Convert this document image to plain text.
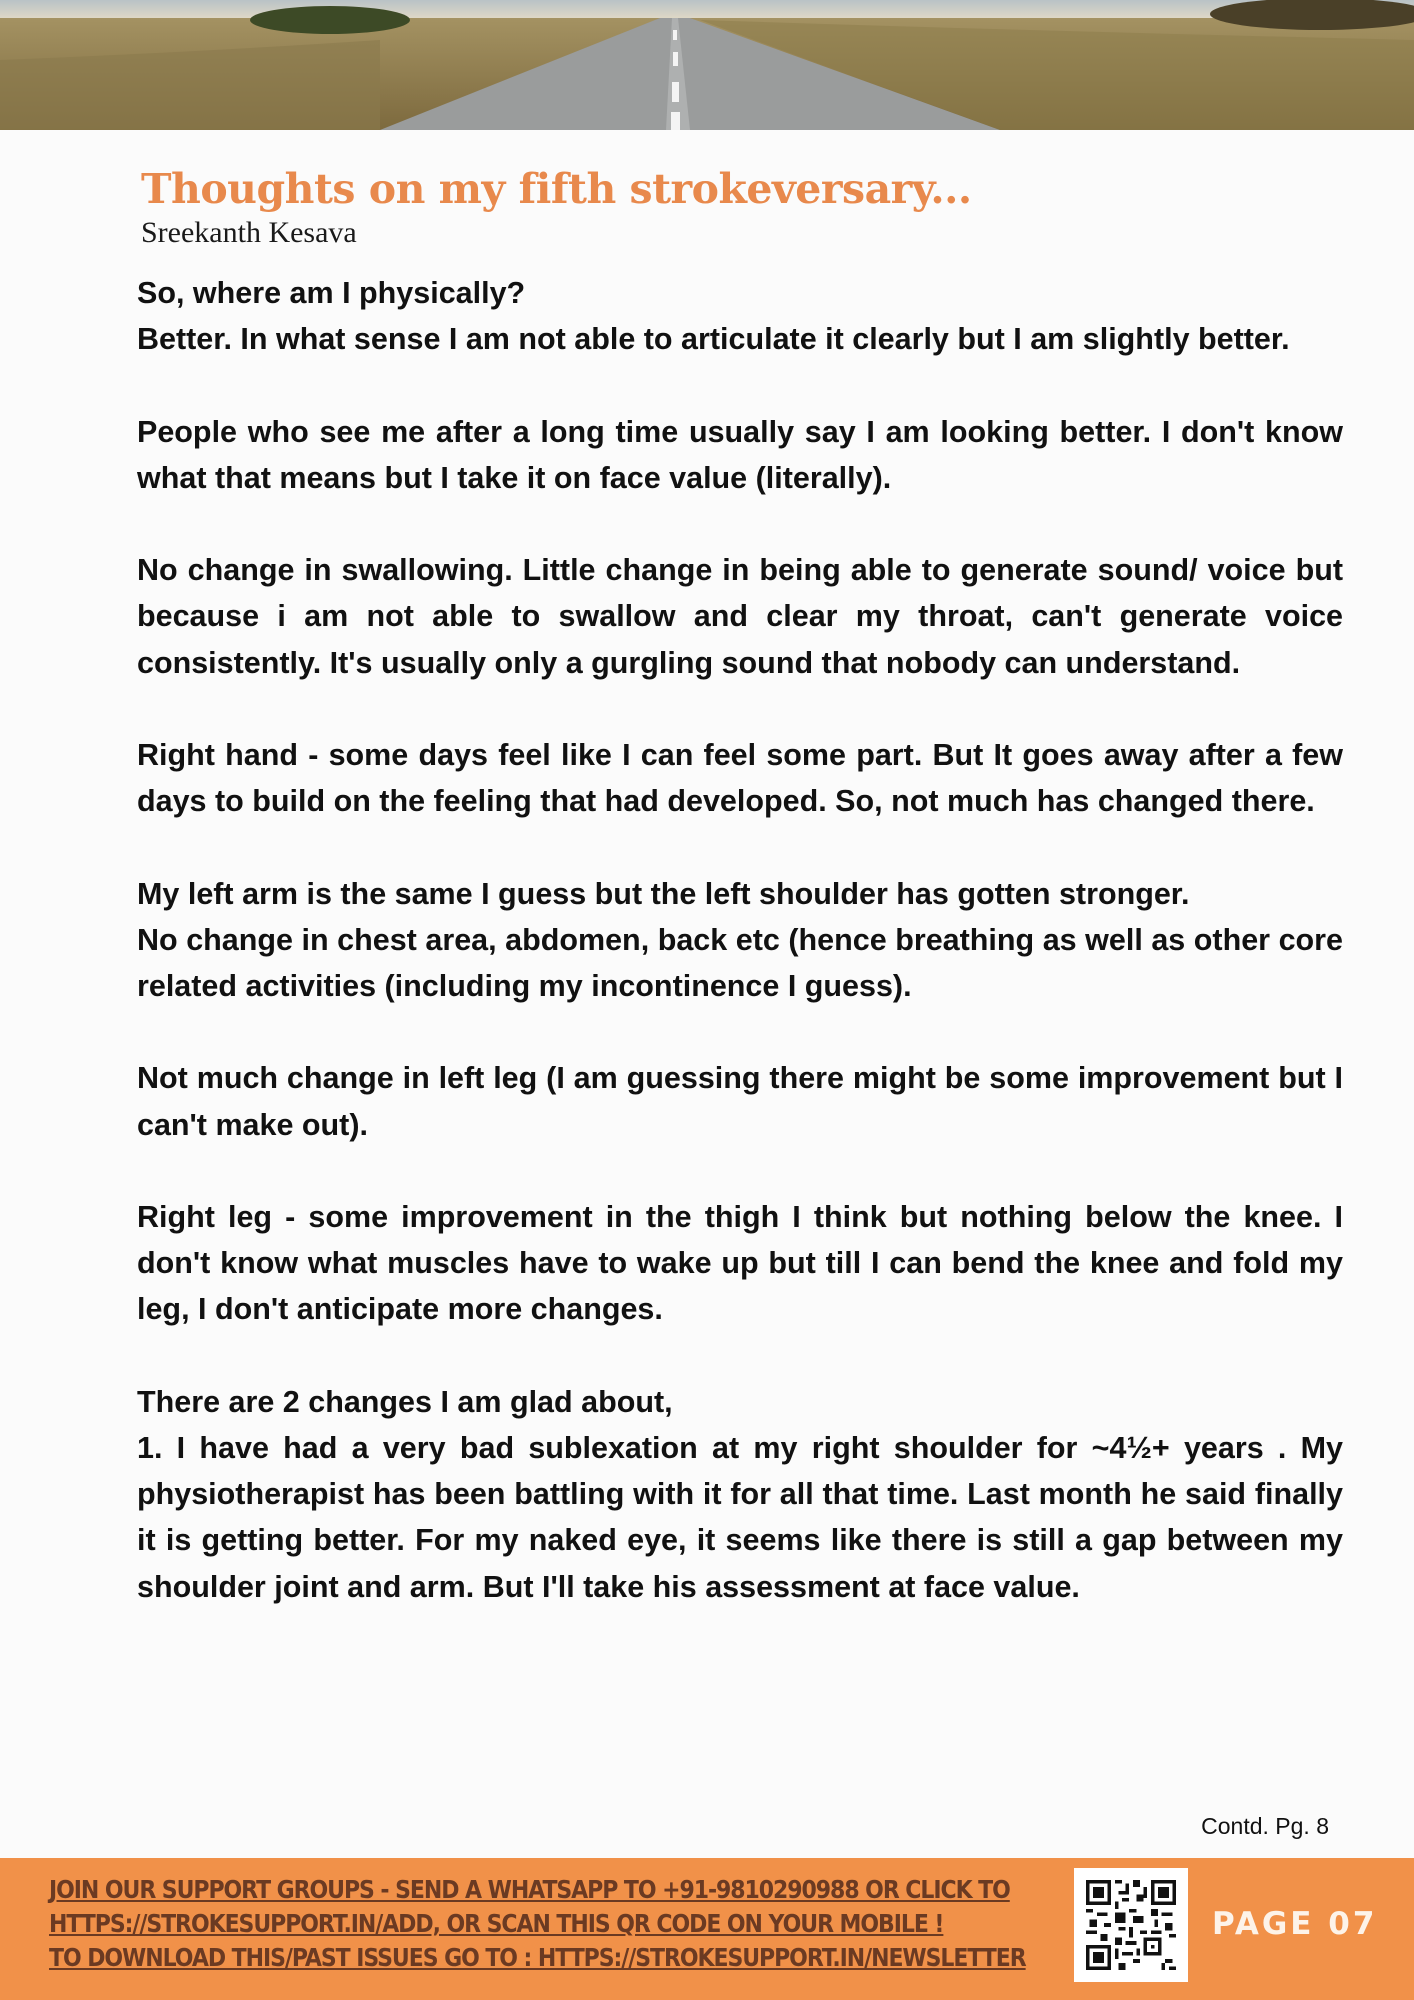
Thoughts on my fifth strokeversary...
Sreekanth Kesava

So, where am I physically?
Better. In what sense I am not able to articulate it clearly but I am slightly better.

People who see me after a long time usually say I am looking better. I don't know what that means but I take it on face value (literally).

No change in swallowing. Little change in being able to generate sound/ voice but because i am not able to swallow and clear my throat, can't generate voice consistently. It's usually only a gurgling sound that nobody can understand.

Right hand - some days feel like I can feel some part. But It goes away after a few days to build on the feeling that had developed. So, not much has changed there.

My left arm is the same I guess but the left shoulder has gotten stronger.
No change in chest area, abdomen, back etc (hence breathing as well as other core related activities (including my incontinence I guess).

Not much change in left leg (I am guessing there might be some improvement but I can't make out).

Right leg - some improvement in the thigh I think but nothing below the knee. I don't know what muscles have to wake up but till I can bend the knee and fold my leg, I don't anticipate more changes.

There are 2 changes I am glad about,
1. I have had a very bad sublexation at my right shoulder for ~4½+ years . My physiotherapist has been battling with it for all that time. Last month he said finally it is getting better. For my naked eye, it seems like there is still a gap between my shoulder joint and arm. But I'll take his assessment at face value.

Contd. Pg. 8
JOIN OUR SUPPORT GROUPS - SEND A WHATSAPP TO +91-9810290988 OR CLICK TO
HTTPS://STROKESUPPORT.IN/ADD, OR SCAN THIS QR CODE ON YOUR MOBILE !
TO DOWNLOAD THIS/PAST ISSUES GO TO : HTTPS://STROKESUPPORT.IN/NEWSLETTER
PAGE 07
